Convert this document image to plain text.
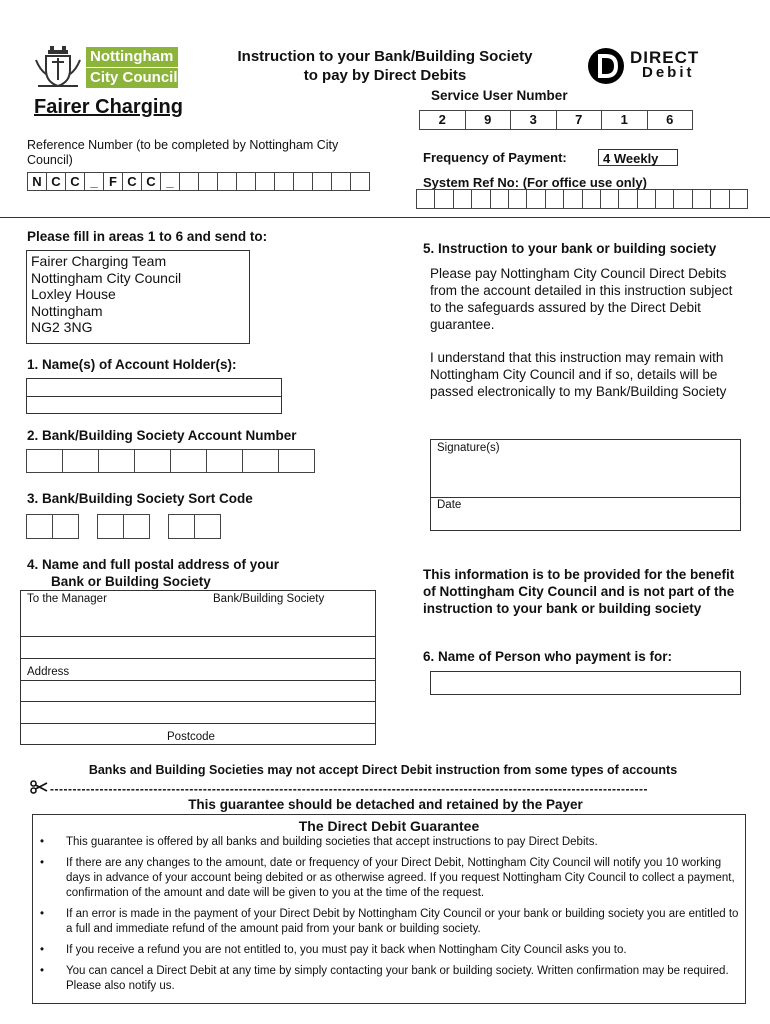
Nottingham
City Council
Instruction to your Bank/Building Society
to pay by Direct Debits
DIRECT
Debit
Fairer Charging
Reference Number (to be completed by Nottingham City Council)
N C C _ F C C _
Service User Number
2	9	3	7	1	6
Frequency of Payment:	4 Weekly
System Ref No: (For office use only)
Please fill in areas 1 to 6 and send to:
Fairer Charging Team
Nottingham City Council
Loxley House
Nottingham
NG2 3NG
1. Name(s) of Account Holder(s):
2. Bank/Building Society Account Number
3. Bank/Building Society Sort Code
4. Name and full postal address of your
Bank or Building Society
To the Manager	Bank/Building Society
Address
Postcode
5. Instruction to your bank or building society
Please pay Nottingham City Council Direct Debits from the account detailed in this instruction subject to the safeguards assured by the Direct Debit guarantee.
I understand that this instruction may remain with Nottingham City Council and if so, details will be passed electronically to my Bank/Building Society
Signature(s)
Date
This information is to be provided for the benefit of Nottingham City Council and is not part of the instruction to your bank or building society
6. Name of Person who payment is for:
Banks and Building Societies may not accept Direct Debit instruction from some types of accounts
-------------------------------------------------------------------------------------------------------------------------------------
This guarantee should be detached and retained by the Payer
The Direct Debit Guarantee
• This guarantee is offered by all banks and building societies that accept instructions to pay Direct Debits.
• If there are any changes to the amount, date or frequency of your Direct Debit, Nottingham City Council will notify you 10 working days in advance of your account being debited or as otherwise agreed. If you request Nottingham City Council to collect a payment, confirmation of the amount and date will be given to you at the time of the request.
• If an error is made in the payment of your Direct Debit by Nottingham City Council or your bank or building society you are entitled to a full and immediate refund of the amount paid from your bank or building society.
• If you receive a refund you are not entitled to, you must pay it back when Nottingham City Council asks you to.
• You can cancel a Direct Debit at any time by simply contacting your bank or building society. Written confirmation may be required. Please also notify us.
